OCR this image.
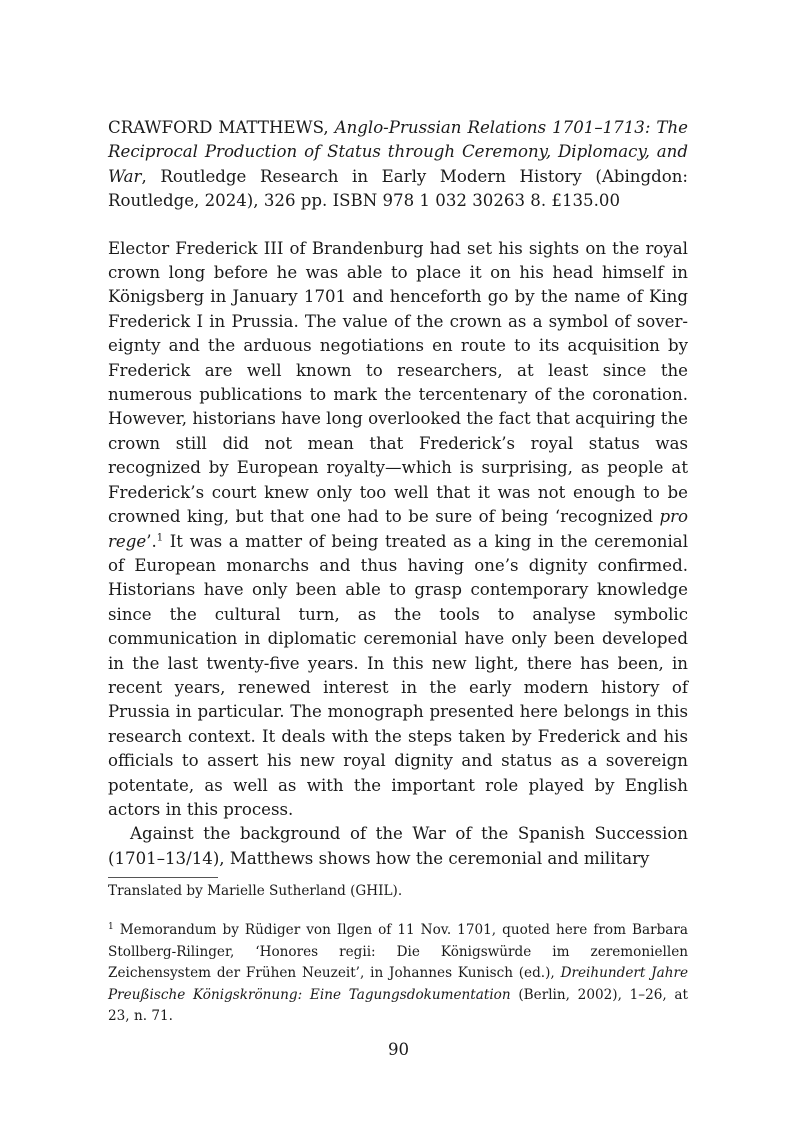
CRAWFORD MATTHEWS, Anglo-Prussian Relations 1701–1713: The Reciprocal Production of Status through Ceremony, Diplomacy, and War, Routledge Research in Early Modern History (Abingdon: Routledge, 2024), 326 pp. ISBN 978 1 032 30263 8. £135.00

Elector Frederick III of Brandenburg had set his sights on the royal crown long before he was able to place it on his head himself in Königsberg in January 1701 and henceforth go by the name of King Frederick I in Prussia. The value of the crown as a symbol of sovereignty and the arduous negotiations en route to its acquisition by Frederick are well known to researchers, at least since the numerous publications to mark the tercentenary of the coronation. However, historians have long overlooked the fact that acquiring the crown still did not mean that Frederick’s royal status was recognized by European royalty—which is surprising, as people at Frederick’s court knew only too well that it was not enough to be crowned king, but that one had to be sure of being ‘recognized pro rege’.$^1$ It was a matter of being treated as a king in the ceremonial of European monarchs and thus having one’s dignity confirmed. Historians have only been able to grasp contemporary knowledge since the cultural turn, as the tools to analyse symbolic communication in diplomatic ceremonial have only been developed in the last twenty-five years. In this new light, there has been, in recent years, renewed interest in the early modern history of Prussia in particular. The monograph presented here belongs in this research context. It deals with the steps taken by Frederick and his officials to assert his new royal dignity and status as a sovereign potentate, as well as with the important role played by English actors in this process.

Against the background of the War of the Spanish Succession (1701–13/14), Matthews shows how the ceremonial and military

Translated by Marielle Sutherland (GHIL).

$^1$ Memorandum by Rüdiger von Ilgen of 11 Nov. 1701, quoted here from Barbara Stollberg-Rilinger, ‘Honores regii: Die Königswürde im zeremoniellen Zeichensystem der Frühen Neuzeit’, in Johannes Kunisch (ed.), Dreihundert Jahre Preußische Königskrönung: Eine Tagungsdokumentation (Berlin, 2002), 1–26, at 23, n. 71.

90
